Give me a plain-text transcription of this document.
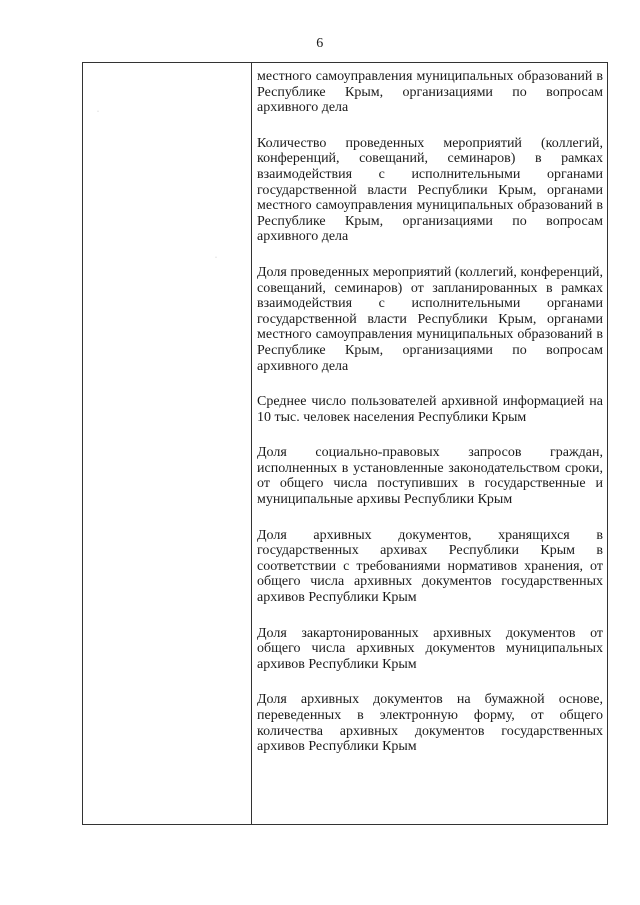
6
·
·

местного самоуправления муниципальных образований в Республике Крым, организациями по вопросам архивного дела

Количество проведенных мероприятий (коллегий, конференций, совещаний, семинаров) в рамках взаимодействия с исполнительными органами государственной власти Республики Крым, органами местного самоуправления муниципальных образований в Республике Крым, организациями по вопросам архивного дела

Доля проведенных мероприятий (коллегий, конференций, совещаний, семинаров) от запланированных в рамках взаимодействия с исполнительными органами государственной власти Республики Крым, органами местного самоуправления муниципальных образований в Республике Крым, организациями по вопросам архивного дела

Среднее число пользователей архивной информацией на 10 тыс. человек населения Республики Крым

Доля социально-правовых запросов граждан, исполненных в установленные законодательством сроки, от общего числа поступивших в государственные и муниципальные архивы Республики Крым

Доля архивных документов, хранящихся в государственных архивах Республики Крым в соответствии с требованиями нормативов хранения, от общего числа архивных документов государственных архивов Республики Крым

Доля закартонированных архивных документов от общего числа архивных документов муниципальных архивов Республики Крым

Доля архивных документов на бумажной основе, переведенных в электронную форму, от общего количества архивных документов государственных архивов Республики Крым
